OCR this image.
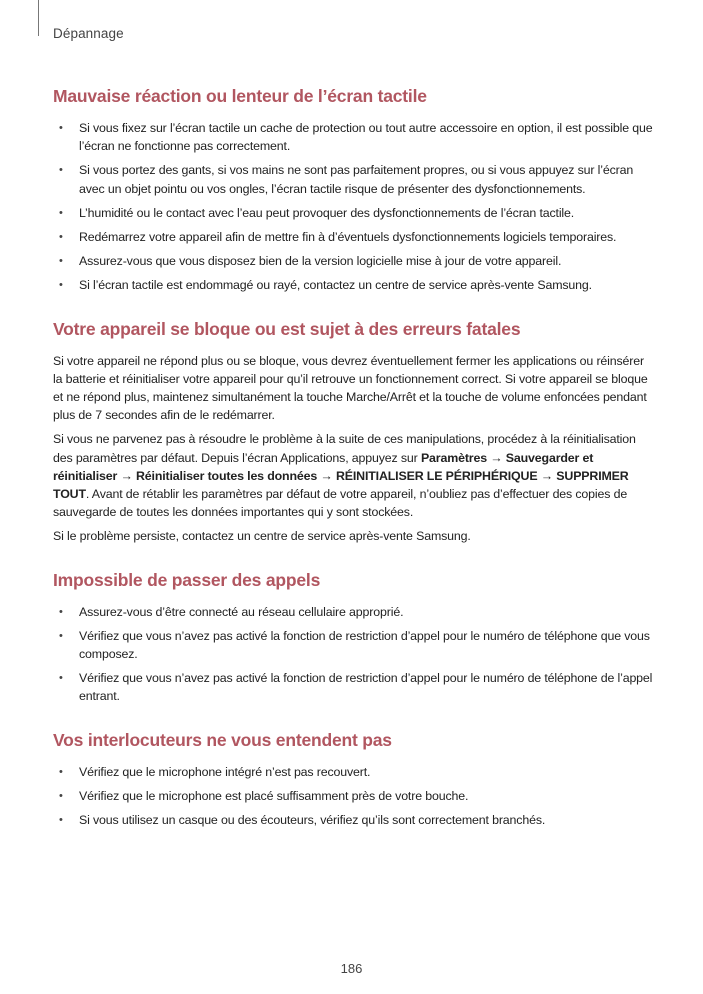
Dépannage
Mauvaise réaction ou lenteur de l’écran tactile
• Si vous fixez sur l’écran tactile un cache de protection ou tout autre accessoire en option, il est possible que l’écran ne fonctionne pas correctement.
• Si vous portez des gants, si vos mains ne sont pas parfaitement propres, ou si vous appuyez sur l’écran avec un objet pointu ou vos ongles, l’écran tactile risque de présenter des dysfonctionnements.
• L’humidité ou le contact avec l’eau peut provoquer des dysfonctionnements de l’écran tactile.
• Redémarrez votre appareil afin de mettre fin à d’éventuels dysfonctionnements logiciels temporaires.
• Assurez-vous que vous disposez bien de la version logicielle mise à jour de votre appareil.
• Si l’écran tactile est endommagé ou rayé, contactez un centre de service après-vente Samsung.
Votre appareil se bloque ou est sujet à des erreurs fatales

Si votre appareil ne répond plus ou se bloque, vous devrez éventuellement fermer les applications ou réinsérer la batterie et réinitialiser votre appareil pour qu’il retrouve un fonctionnement correct. Si votre appareil se bloque et ne répond plus, maintenez simultanément la touche Marche/Arrêt et la touche de volume enfoncées pendant plus de 7 secondes afin de le redémarrer.

Si vous ne parvenez pas à résoudre le problème à la suite de ces manipulations, procédez à la réinitialisation des paramètres par défaut. Depuis l’écran Applications, appuyez sur Paramètres → Sauvegarder et réinitialiser → Réinitialiser toutes les données → RÉINITIALISER LE PÉRIPHÉRIQUE → SUPPRIMER TOUT. Avant de rétablir les paramètres par défaut de votre appareil, n’oubliez pas d’effectuer des copies de sauvegarde de toutes les données importantes qui y sont stockées.

Si le problème persiste, contactez un centre de service après-vente Samsung.

Impossible de passer des appels
• Assurez-vous d’être connecté au réseau cellulaire approprié.
• Vérifiez que vous n’avez pas activé la fonction de restriction d’appel pour le numéro de téléphone que vous composez.
• Vérifiez que vous n’avez pas activé la fonction de restriction d’appel pour le numéro de téléphone de l’appel entrant.
Vos interlocuteurs ne vous entendent pas
• Vérifiez que le microphone intégré n’est pas recouvert.
• Vérifiez que le microphone est placé suffisamment près de votre bouche.
• Si vous utilisez un casque ou des écouteurs, vérifiez qu’ils sont correctement branchés.
186
